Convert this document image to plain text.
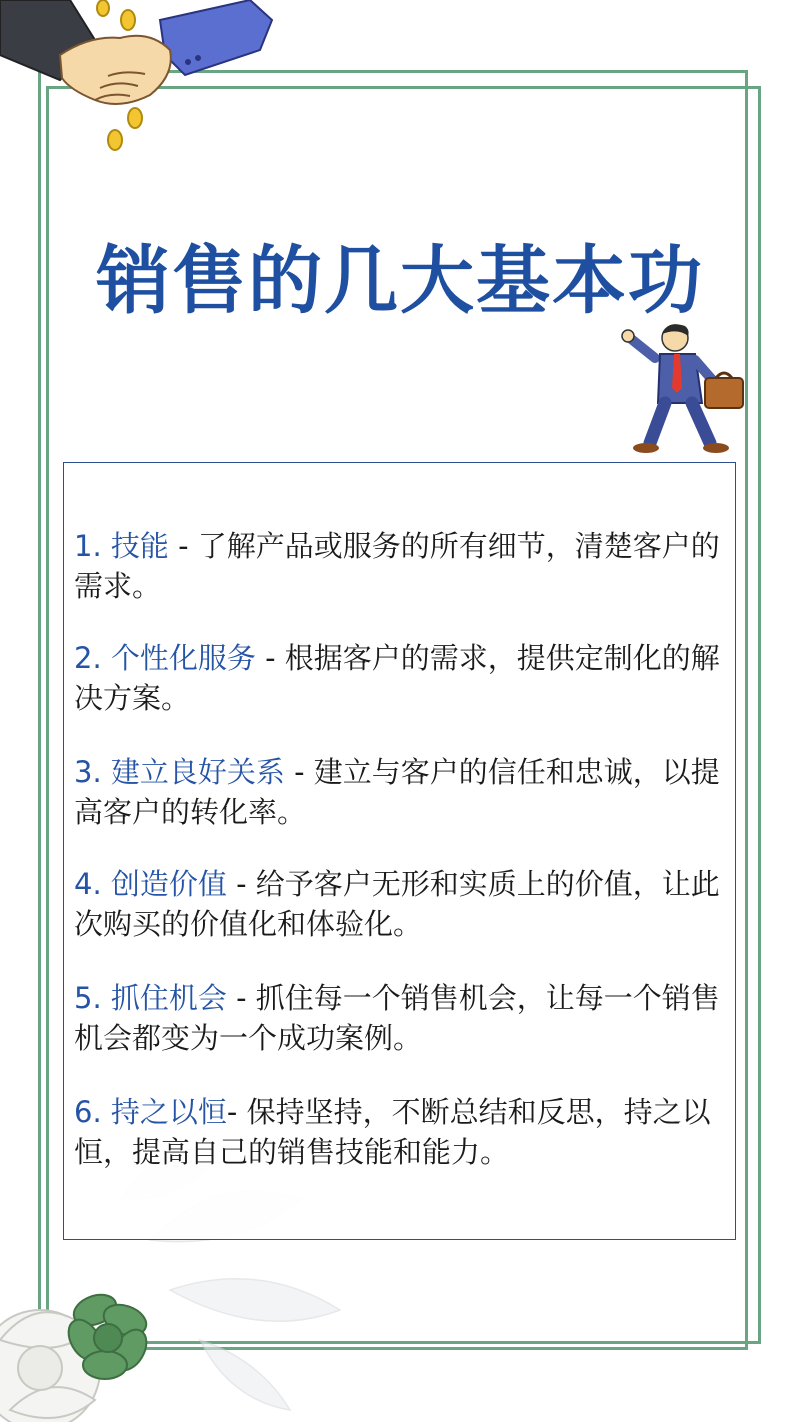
销售的几大基本功
1. 技能 - 了解产品或服务的所有细节，清楚客户的需求。
2. 个性化服务 - 根据客户的需求，提供定制化的解决方案。
3. 建立良好关系 - 建立与客户的信任和忠诚，以提高客户的转化率。
4. 创造价值 - 给予客户无形和实质上的价值，让此次购买的价值化和体验化。
5. 抓住机会 - 抓住每一个销售机会，让每一个销售机会都变为一个成功案例。
6. 持之以恒- 保持坚持，不断总结和反思，持之以恒，提高自己的销售技能和能力。
